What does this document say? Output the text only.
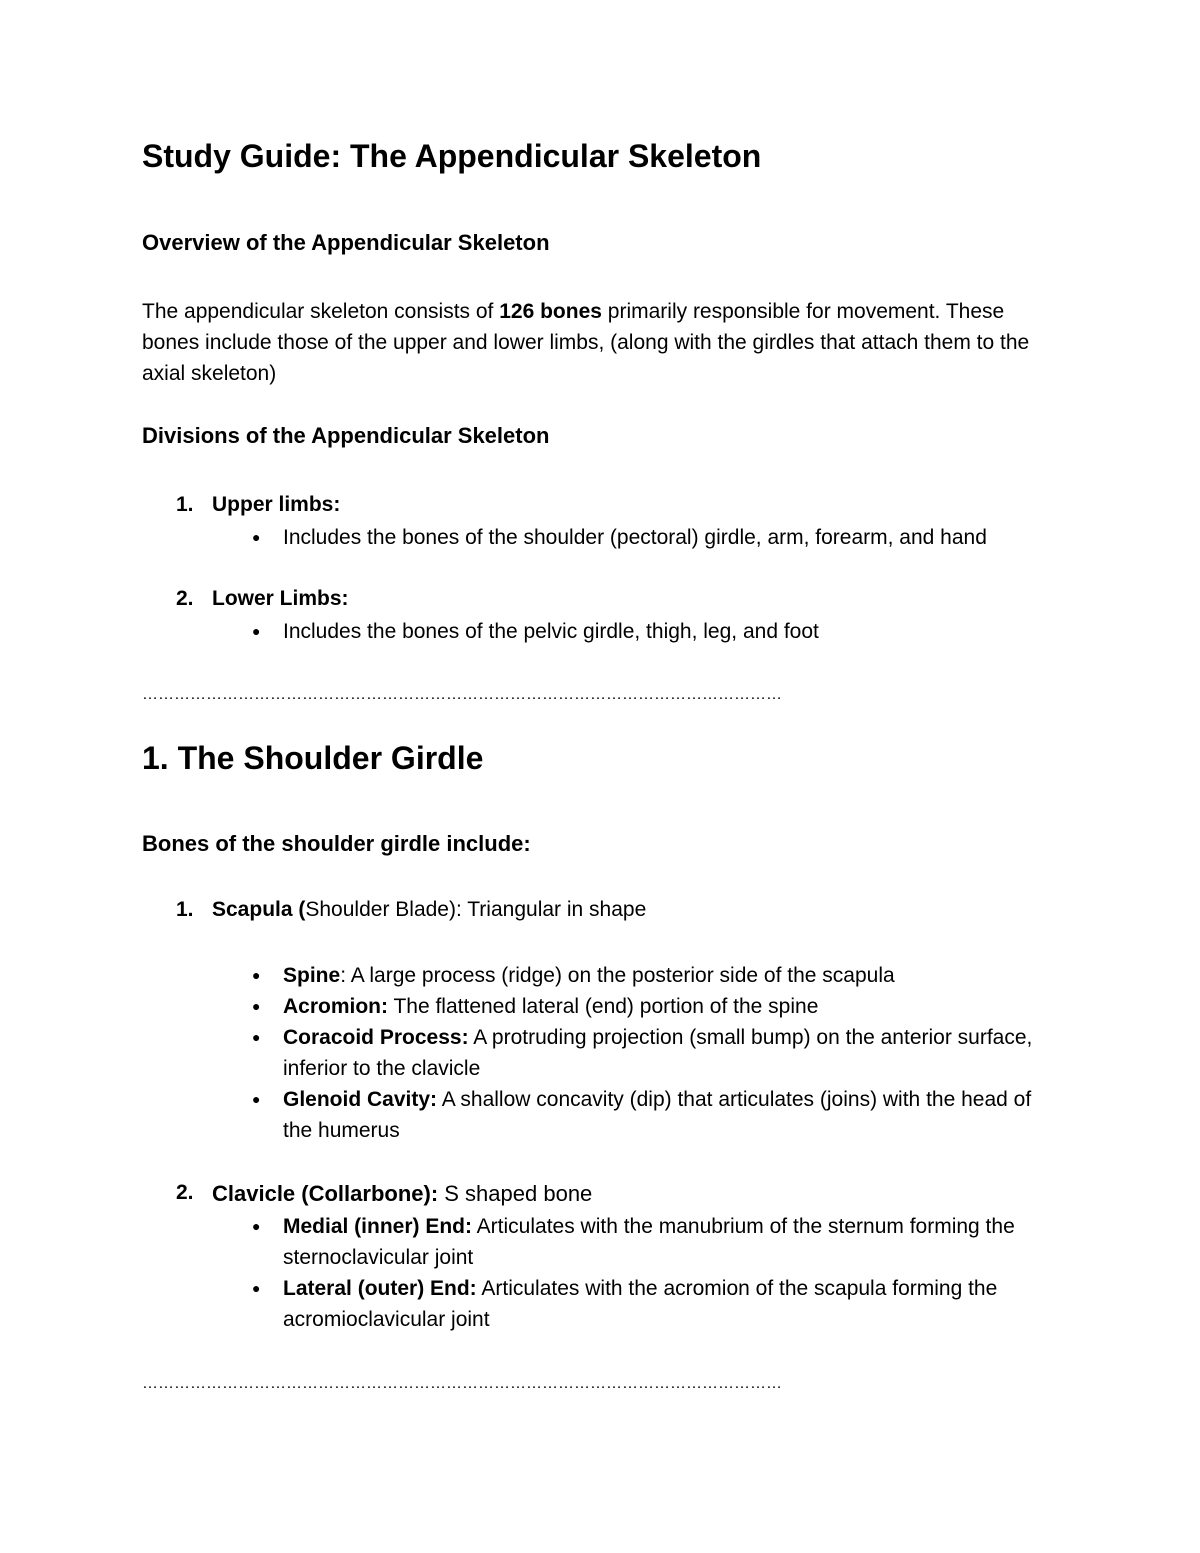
Study Guide: The Appendicular Skeleton
Overview of the Appendicular Skeleton
The appendicular skeleton consists of 126 bones primarily responsible for movement. These bones include those of the upper and lower limbs, (along with the girdles that attach them to the axial skeleton)
Divisions of the Appendicular Skeleton
1. Upper limbs:
● Includes the bones of the shoulder (pectoral) girdle, arm, forearm, and hand
2. Lower Limbs:
● Includes the bones of the pelvic girdle, thigh, leg, and foot
…………………………………………………………………………………………………………
1. The Shoulder Girdle
Bones of the shoulder girdle include:
1. Scapula (Shoulder Blade): Triangular in shape
● Spine: A large process (ridge) on the posterior side of the scapula
● Acromion: The flattened lateral (end) portion of the spine
● Coracoid Process: A protruding projection (small bump) on the anterior surface, inferior to the clavicle
● Glenoid Cavity: A shallow concavity (dip) that articulates (joins) with the head of the humerus
2. Clavicle (Collarbone): S shaped bone
● Medial (inner) End: Articulates with the manubrium of the sternum forming the sternoclavicular joint
● Lateral (outer) End: Articulates with the acromion of the scapula forming the acromioclavicular joint
…………………………………………………………………………………………………………
